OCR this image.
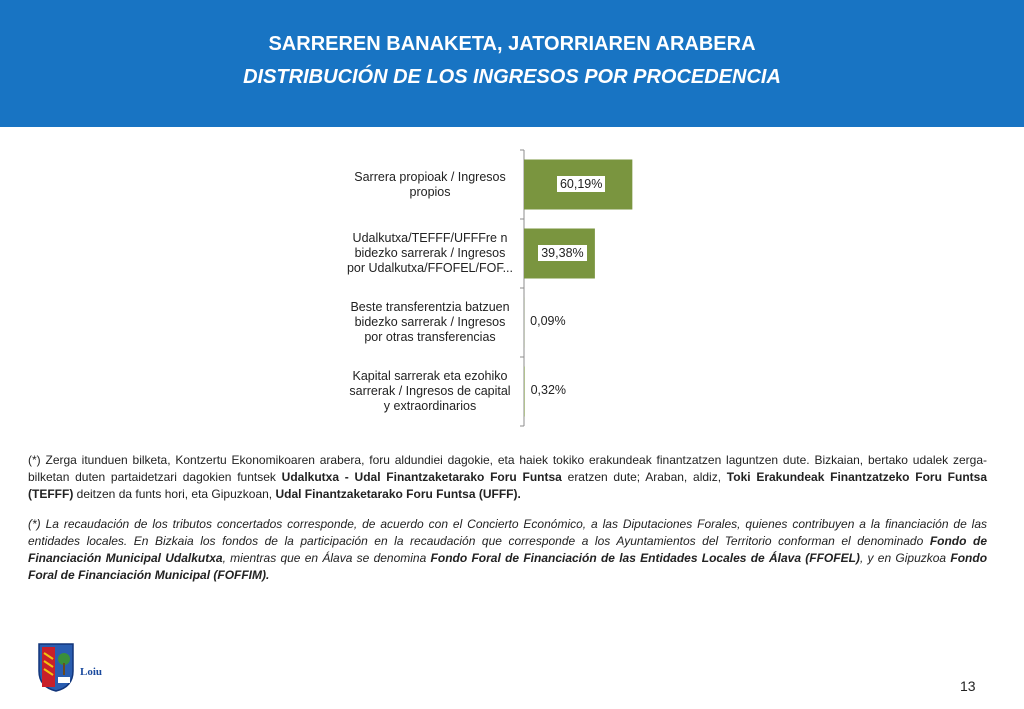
SARREREN BANAKETA, JATORRIAREN ARABERA
DISTRIBUCIÓN DE LOS INGRESOS POR PROCEDENCIA
Sarrera propioak / Ingresos propios
60,19%
Udalkutxa/TEFFF/UFFFre n bidezko sarrerak / Ingresos por Udalkutxa/FFOFEL/FOF...
39,38%
Beste transferentzia batzuen bidezko sarrerak / Ingresos por otras transferencias
0,09%
Kapital sarrerak eta ezohiko sarrerak / Ingresos de capital y extraordinarios
0,32%
(*) Zerga itunduen bilketa, Kontzertu Ekonomikoaren arabera, foru aldundiei dagokie, eta haiek tokiko erakundeak finantzatzen laguntzen dute. Bizkaian, bertako udalek zerga-bilketan duten partaidetzari dagokien funtsek Udalkutxa - Udal Finantzaketarako Foru Funtsa eratzen dute; Araban, aldiz, Toki Erakundeak Finantzatzeko Foru Funtsa (TEFFF) deitzen da funts hori, eta Gipuzkoan, Udal Finantzaketarako Foru Funtsa (UFFF).
(*) La recaudación de los tributos concertados corresponde, de acuerdo con el Concierto Económico, a las Diputaciones Forales, quienes contribuyen a la financiación de las entidades locales. En Bizkaia los fondos de la participación en la recaudación que corresponde a los Ayuntamientos del Territorio conforman el denominado Fondo de Financiación Municipal Udalkutxa, mientras que en Álava se denomina Fondo Foral de Financiación de las Entidades Locales de Álava (FFOFEL), y en Gipuzkoa Fondo Foral de Financiación Municipal (FOFFIM).
Loiu
13
